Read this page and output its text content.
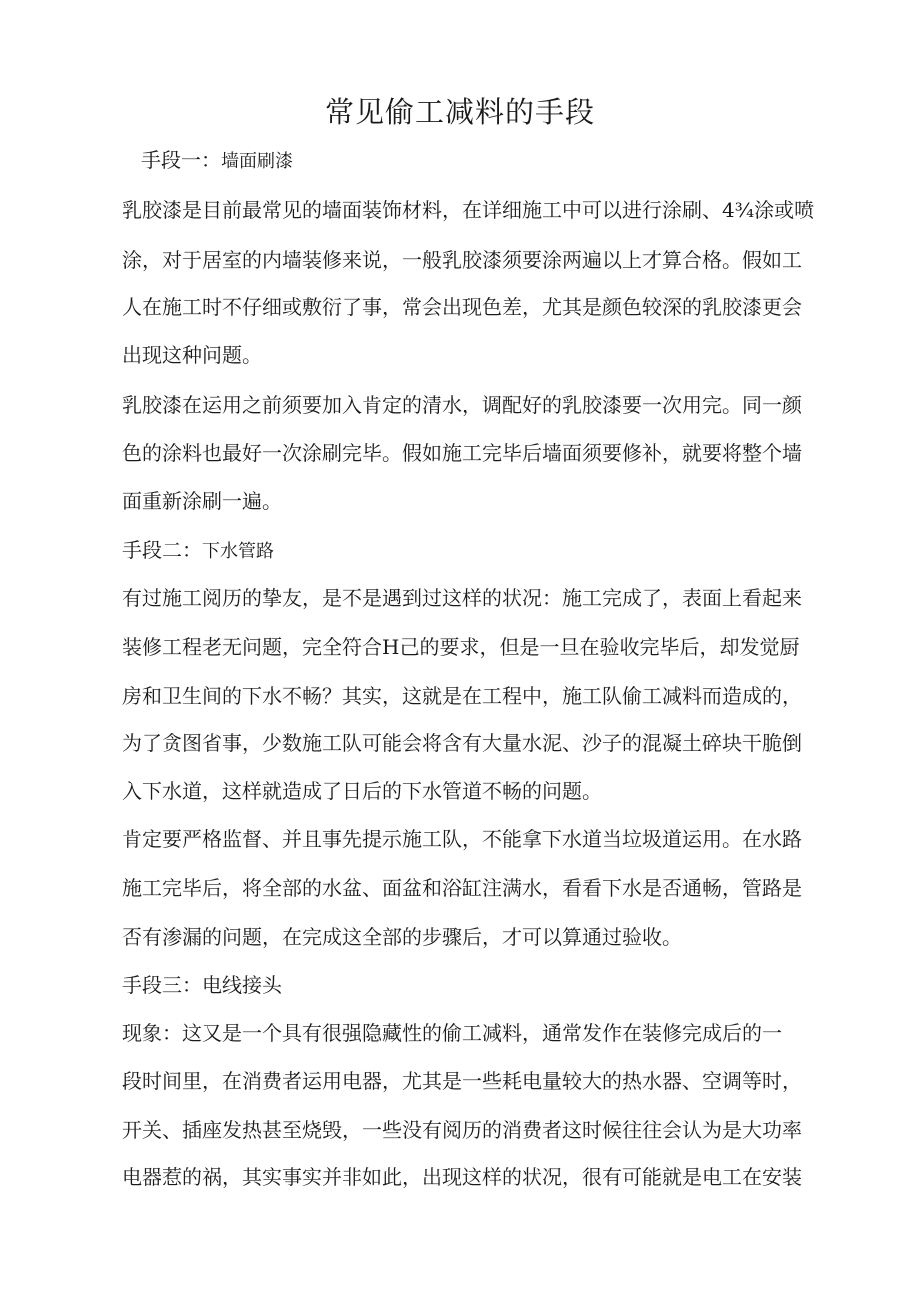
常见偷工减料的手段
手段一：墙面刷漆
乳胶漆是目前最常见的墙面装饰材料，在详细施工中可以进行涂刷、4¾涂或喷
涂，对于居室的内墙装修来说，一般乳胶漆须要涂两遍以上才算合格。假如工
人在施工时不仔细或敷衍了事，常会出现色差，尤其是颜色较深的乳胶漆更会
出现这种问题。
乳胶漆在运用之前须要加入肯定的清水，调配好的乳胶漆要一次用完。同一颜
色的涂料也最好一次涂刷完毕。假如施工完毕后墙面须要修补，就要将整个墙
面重新涂刷一遍。
手段二：下水管路
有过施工阅历的挚友，是不是遇到过这样的状况：施工完成了，表面上看起来
装修工程老无问题，完全符合H己的要求，但是一旦在验收完毕后，却发觉厨
房和卫生间的下水不畅？其实，这就是在工程中，施工队偷工减料而造成的，
为了贪图省事，少数施工队可能会将含有大量水泥、沙子的混凝土碎块干脆倒
入下水道，这样就造成了日后的下水管道不畅的问题。
肯定要严格监督、并且事先提示施工队，不能拿下水道当垃圾道运用。在水路
施工完毕后，将全部的水盆、面盆和浴缸注满水，看看下水是否通畅，管路是
否有渗漏的问题，在完成这全部的步骤后，才可以算通过验收。
手段三：电线接头
现象：这又是一个具有很强隐藏性的偷工减料，通常发作在装修完成后的一
段时间里，在消费者运用电器，尤其是一些耗电量较大的热水器、空调等时，
开关、插座发热甚至烧毁，一些没有阅历的消费者这时候往往会认为是大功率
电器惹的祸，其实事实并非如此，出现这样的状况，很有可能就是电工在安装
